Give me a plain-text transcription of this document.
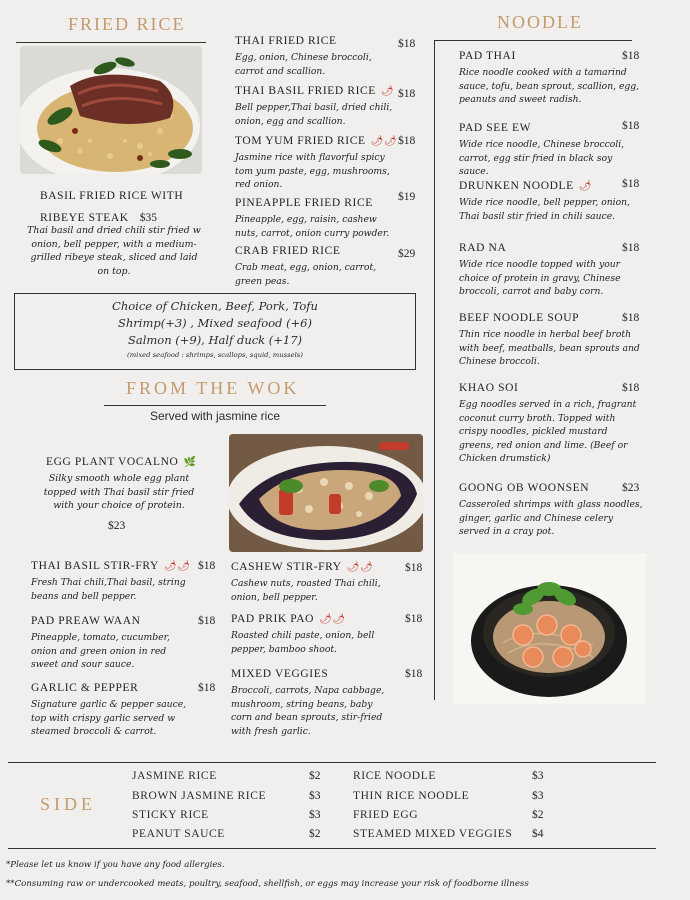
FRIED RICE
BASIL FRIED RICE WITH
RIBEYE STEAK $35
Thai basil and dried chili stir fried w onion, bell pepper, with a medium-grilled ribeye steak, sliced and laid on top.
THAI FRIED RICE	$18
Egg, onion, Chinese broccoli, carrot and scallion.
THAI BASIL FRIED RICE 🌶 $18
Bell pepper,Thai basil, dried chili, onion, egg and scallion.
TOM YUM FRIED RICE 🌶🌶 $18
Jasmine rice with flavorful spicy tom yum paste, egg, mushrooms, red onion.
PINEAPPLE FRIED RICE $19
Pineapple, egg, raisin, cashew nuts, carrot, onion curry powder.
CRAB FRIED RICE	$29
Crab meat, egg, onion, carrot, green peas.
Choice of Chicken, Beef, Pork, Tofu
Shrimp(+3) , Mixed seafood (+6)
Salmon (+9), Half duck (+17)
(mixed seafood : shrimps, scallops, squid, mussels)
FROM THE WOK
Served with jasmine rice
EGG PLANT VOCALNO 🌿
Silky smooth whole egg plant topped with Thai basil stir fried with your choice of protein.
$23
THAI BASIL STIR-FRY 🌶🌶 $18
Fresh Thai chili,Thai basil, string beans and bell pepper.
PAD PREAW WAAN	$18
Pineapple, tomato, cucumber, onion and green onion in red sweet and sour sauce.
GARLIC & PEPPER	$18
Signature garlic & pepper sauce, top with crispy garlic served w steamed broccoli & carrot.
CASHEW STIR-FRY 🌶🌶	$18
Cashew nuts, roasted Thai chili, onion, bell pepper.
PAD PRIK PAO 🌶🌶	$18
Roasted chili paste, onion, bell pepper, bamboo shoot.
MIXED VEGGIES	$18
Broccoli, carrots, Napa cabbage, mushroom, string beans, baby corn and bean sprouts, stir-fried with fresh garlic.
NOODLE
PAD THAI	$18
Rice noodle cooked with a tamarind sauce, tofu, bean sprout, scallion, egg, peanuts and sweet radish.
PAD SEE EW	$18
Wide rice noodle, Chinese broccoli, carrot, egg stir fried in black soy sauce.
DRUNKEN NOODLE 🌶	$18
Wide rice noodle, bell pepper, onion, Thai basil stir fried in chili sauce.
RAD NA	$18
Wide rice noodle topped with your choice of protein in gravy, Chinese broccoli, carrot and baby corn.
BEEF NOODLE SOUP	$18
Thin rice noodle in herbal beef broth with beef, meatballs, bean sprouts and Chinese broccoli.
KHAO SOI	$18
Egg noodles served in a rich, fragrant coconut curry broth. Topped with crispy noodles, pickled mustard greens, red onion and lime. (Beef or Chicken drumstick)
GOONG OB WOONSEN	$23
Casseroled shrimps with glass noodles, ginger, garlic and Chinese celery served in a cray pot.
SIDE
JASMINE RICE	$2
BROWN JASMINE RICE	$3
STICKY RICE	$3
PEANUT SAUCE	$2
RICE NOODLE	$3
THIN RICE NOODLE	$3
FRIED EGG	$2
STEAMED MIXED VEGGIES $4
*Please let us know if you have any food allergies.
**Consuming raw or undercooked meats, poultry, seafood, shellfish, or eggs may increase your risk of foodborne illness
